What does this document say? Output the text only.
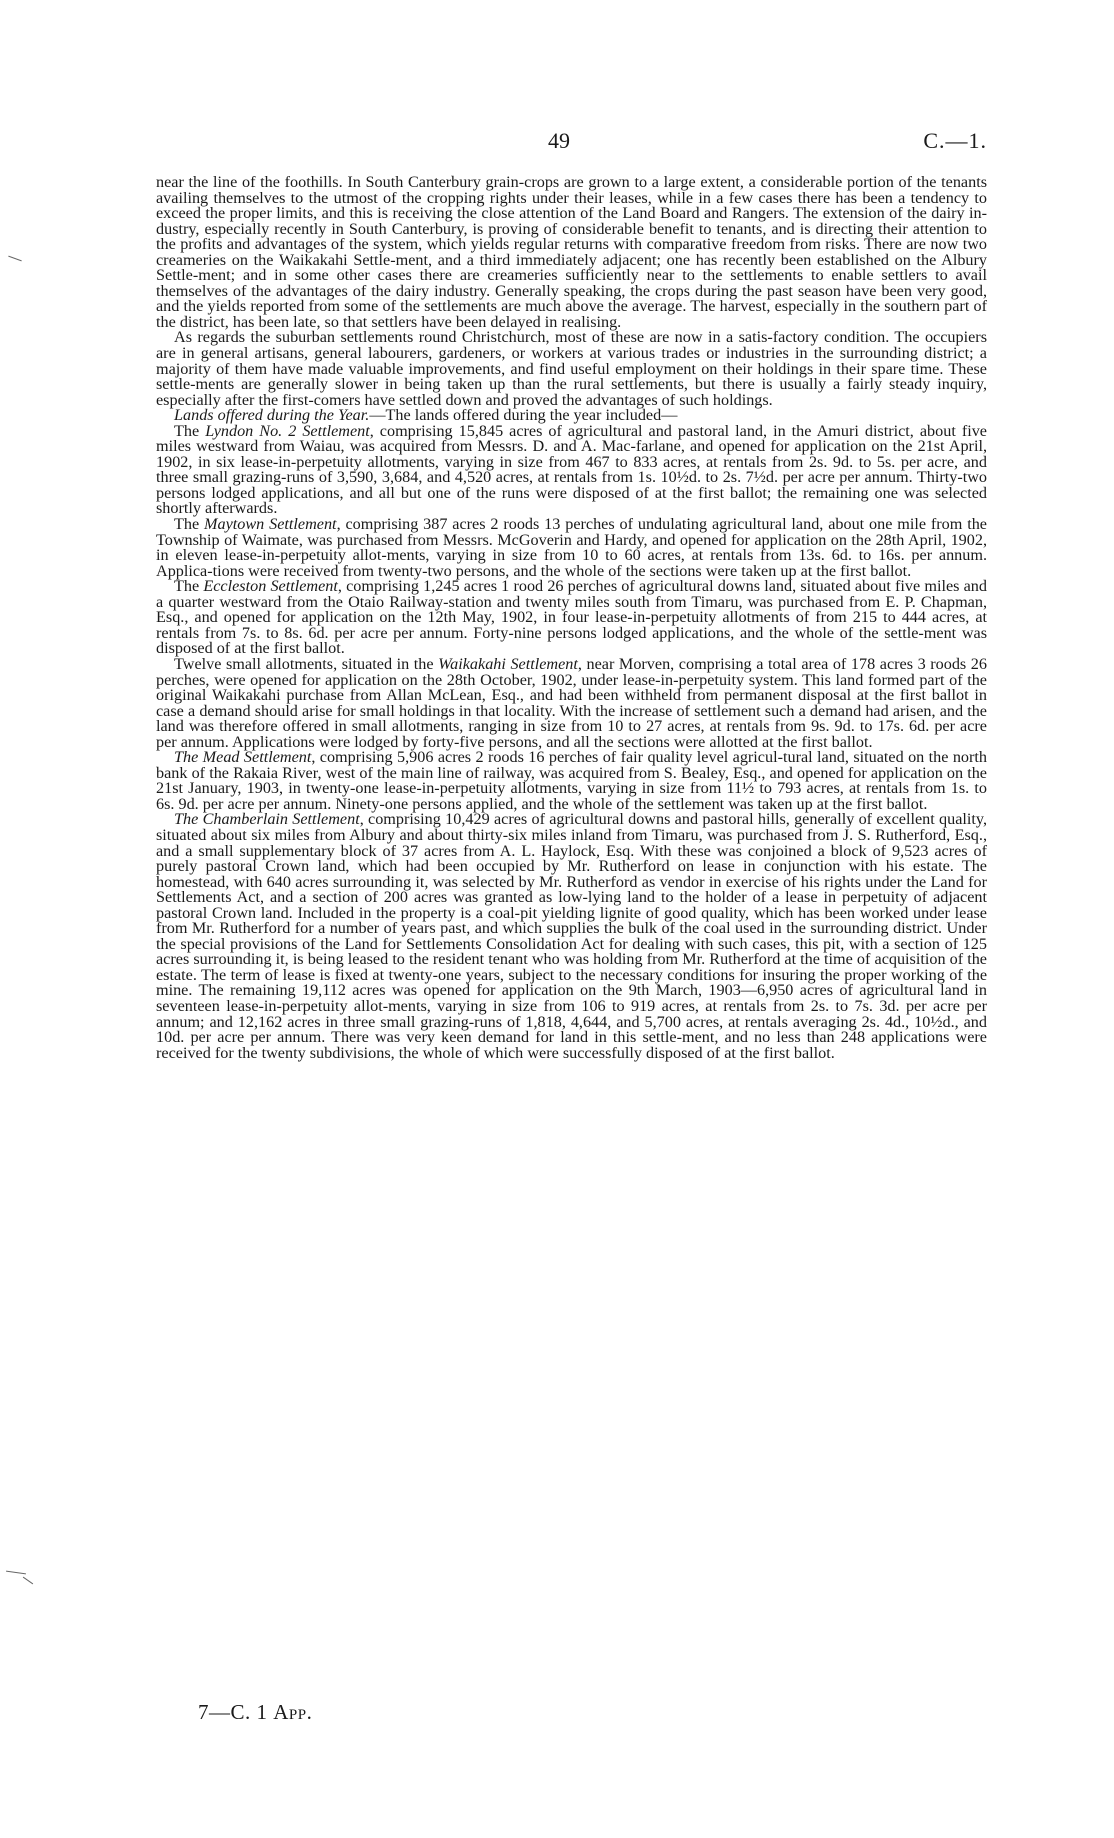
49	C.—1.

near the line of the foothills. In South Canterbury grain-crops are grown to a large extent, a considerable portion of the tenants availing themselves to the utmost of the cropping rights under their leases, while in a few cases there has been a tendency to exceed the proper limits, and this is receiving the close attention of the Land Board and Rangers. The extension of the dairy in-dustry, especially recently in South Canterbury, is proving of considerable benefit to tenants, and is directing their attention to the profits and advantages of the system, which yields regular returns with comparative freedom from risks. There are now two creameries on the Waikakahi Settle-ment, and a third immediately adjacent; one has recently been established on the Albury Settle-ment; and in some other cases there are creameries sufficiently near to the settlements to enable settlers to avail themselves of the advantages of the dairy industry. Generally speaking, the crops during the past season have been very good, and the yields reported from some of the settlements are much above the average. The harvest, especially in the southern part of the district, has been late, so that settlers have been delayed in realising.

As regards the suburban settlements round Christchurch, most of these are now in a satis-factory condition. The occupiers are in general artisans, general labourers, gardeners, or workers at various trades or industries in the surrounding district; a majority of them have made valuable improvements, and find useful employment on their holdings in their spare time. These settle-ments are generally slower in being taken up than the rural settlements, but there is usually a fairly steady inquiry, especially after the first-comers have settled down and proved the advantages of such holdings.

Lands offered during the Year.—The lands offered during the year included—

The Lyndon No. 2 Settlement, comprising 15,845 acres of agricultural and pastoral land, in the Amuri district, about five miles westward from Waiau, was acquired from Messrs. D. and A. Mac-farlane, and opened for application on the 21st April, 1902, in six lease-in-perpetuity allotments, varying in size from 467 to 833 acres, at rentals from 2s. 9d. to 5s. per acre, and three small grazing-runs of 3,590, 3,684, and 4,520 acres, at rentals from 1s. 10½d. to 2s. 7½d. per acre per annum. Thirty-two persons lodged applications, and all but one of the runs were disposed of at the first ballot; the remaining one was selected shortly afterwards.

The Maytown Settlement, comprising 387 acres 2 roods 13 perches of undulating agricultural land, about one mile from the Township of Waimate, was purchased from Messrs. McGoverin and Hardy, and opened for application on the 28th April, 1902, in eleven lease-in-perpetuity allot-ments, varying in size from 10 to 60 acres, at rentals from 13s. 6d. to 16s. per annum. Applica-tions were received from twenty-two persons, and the whole of the sections were taken up at the first ballot.

The Eccleston Settlement, comprising 1,245 acres 1 rood 26 perches of agricultural downs land, situated about five miles and a quarter westward from the Otaio Railway-station and twenty miles south from Timaru, was purchased from E. P. Chapman, Esq., and opened for application on the 12th May, 1902, in four lease-in-perpetuity allotments of from 215 to 444 acres, at rentals from 7s. to 8s. 6d. per acre per annum. Forty-nine persons lodged applications, and the whole of the settle-ment was disposed of at the first ballot.

Twelve small allotments, situated in the Waikakahi Settlement, near Morven, comprising a total area of 178 acres 3 roods 26 perches, were opened for application on the 28th October, 1902, under lease-in-perpetuity system. This land formed part of the original Waikakahi purchase from Allan McLean, Esq., and had been withheld from permanent disposal at the first ballot in case a demand should arise for small holdings in that locality. With the increase of settlement such a demand had arisen, and the land was therefore offered in small allotments, ranging in size from 10 to 27 acres, at rentals from 9s. 9d. to 17s. 6d. per acre per annum. Applications were lodged by forty-five persons, and all the sections were allotted at the first ballot.

The Mead Settlement, comprising 5,906 acres 2 roods 16 perches of fair quality level agricul-tural land, situated on the north bank of the Rakaia River, west of the main line of railway, was acquired from S. Bealey, Esq., and opened for application on the 21st January, 1903, in twenty-one lease-in-perpetuity allotments, varying in size from 11½ to 793 acres, at rentals from 1s. to 6s. 9d. per acre per annum. Ninety-one persons applied, and the whole of the settlement was taken up at the first ballot.

The Chamberlain Settlement, comprising 10,429 acres of agricultural downs and pastoral hills, generally of excellent quality, situated about six miles from Albury and about thirty-six miles inland from Timaru, was purchased from J. S. Rutherford, Esq., and a small supplementary block of 37 acres from A. L. Haylock, Esq. With these was conjoined a block of 9,523 acres of purely pastoral Crown land, which had been occupied by Mr. Rutherford on lease in conjunction with his estate. The homestead, with 640 acres surrounding it, was selected by Mr. Rutherford as vendor in exercise of his rights under the Land for Settlements Act, and a section of 200 acres was granted as low-lying land to the holder of a lease in perpetuity of adjacent pastoral Crown land. Included in the property is a coal-pit yielding lignite of good quality, which has been worked under lease from Mr. Rutherford for a number of years past, and which supplies the bulk of the coal used in the surrounding district. Under the special provisions of the Land for Settlements Consolidation Act for dealing with such cases, this pit, with a section of 125 acres surrounding it, is being leased to the resident tenant who was holding from Mr. Rutherford at the time of acquisition of the estate. The term of lease is fixed at twenty-one years, subject to the necessary conditions for insuring the proper working of the mine. The remaining 19,112 acres was opened for application on the 9th March, 1903—6,950 acres of agricultural land in seventeen lease-in-perpetuity allot-ments, varying in size from 106 to 919 acres, at rentals from 2s. to 7s. 3d. per acre per annum; and 12,162 acres in three small grazing-runs of 1,818, 4,644, and 5,700 acres, at rentals averaging 2s. 4d., 10½d., and 10d. per acre per annum. There was very keen demand for land in this settle-ment, and no less than 248 applications were received for the twenty subdivisions, the whole of which were successfully disposed of at the first ballot.

7—C. 1 App.
